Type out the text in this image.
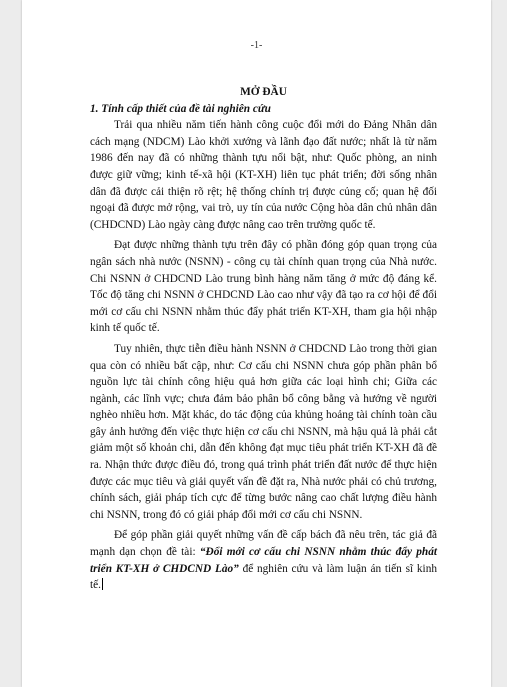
-1-
MỞ ĐẦU
1. Tính cấp thiết của đề tài nghiên cứu

Trải qua nhiều năm tiến hành công cuộc đổi mới do Đảng Nhân dân cách mạng (NDCM) Lào khởi xướng và lãnh đạo đất nước; nhất là từ năm 1986 đến nay đã có những thành tựu nổi bật, như: Quốc phòng, an ninh được giữ vững; kinh tế-xã hội (KT-XH) liên tục phát triển; đời sống nhân dân đã được cải thiện rõ rệt; hệ thống chính trị được củng cố; quan hệ đối ngoại đã được mở rộng, vai trò, uy tín của nước Cộng hòa dân chủ nhân dân (CHDCND) Lào ngày càng được nâng cao trên trường quốc tế.

Đạt được những thành tựu trên đây có phần đóng góp quan trọng của ngân sách nhà nước (NSNN) - công cụ tài chính quan trọng của Nhà nước. Chi NSNN ở CHDCND Lào trung bình hàng năm tăng ở mức độ đáng kể. Tốc độ tăng chi NSNN ở CHDCND Lào cao như vậy đã tạo ra cơ hội để đổi mới cơ cấu chi NSNN nhằm thúc đẩy phát triển KT-XH, tham gia hội nhập kinh tế quốc tế.

Tuy nhiên, thực tiễn điều hành NSNN ở CHDCND Lào trong thời gian qua còn có nhiều bất cập, như: Cơ cấu chi NSNN chưa góp phần phân bổ nguồn lực tài chính công hiệu quả hơn giữa các loại hình chi; Giữa các ngành, các lĩnh vực; chưa đảm bảo phân bổ công bằng và hướng về người nghèo nhiều hơn. Mặt khác, do tác động của khủng hoảng tài chính toàn cầu gây ảnh hưởng đến việc thực hiện cơ cấu chi NSNN, mà hậu quả là phải cắt giảm một số khoản chi, dẫn đến không đạt mục tiêu phát triển KT-XH đã đề ra. Nhận thức được điều đó, trong quá trình phát triển đất nước để thực hiện được các mục tiêu và giải quyết vấn đề đặt ra, Nhà nước phải có chủ trương, chính sách, giải pháp tích cực để từng bước nâng cao chất lượng điều hành chi NSNN, trong đó có giải pháp đổi mới cơ cấu chi NSNN.

Để góp phần giải quyết những vấn đề cấp bách đã nêu trên, tác giả đã mạnh dạn chọn đề tài: “Đổi mới cơ cấu chi NSNN nhằm thúc đẩy phát triển KT-XH ở CHDCND Lào” để nghiên cứu và làm luận án tiến sĩ kinh tế.
